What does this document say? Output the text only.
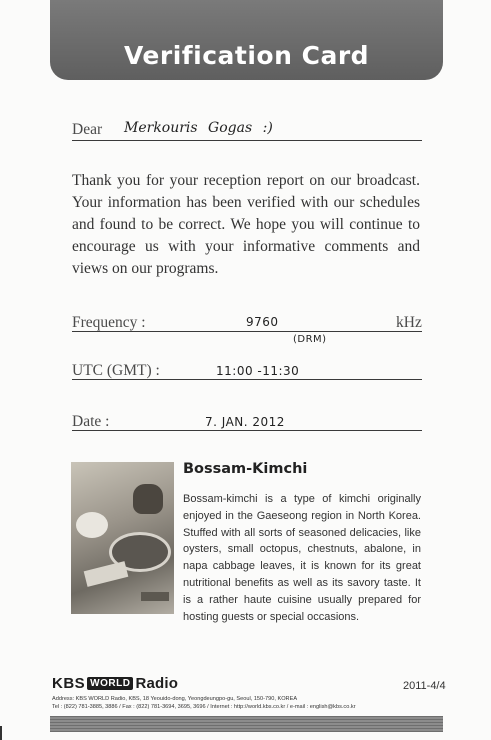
Verification Card
Dear Merkouris Gogas :)
Thank you for your reception report on our broadcast. Your information has been verified with our schedules and found to be correct. We hope you will continue to encourage us with your informative comments and views on our programs.
Frequency :	9760	kHz
(DRM)
UTC (GMT) :	11:00 -11:30
Date :	7. JAN. 2012
Bossam-Kimchi
Bossam-kimchi is a type of kimchi originally enjoyed in the Gaeseong region in North Korea. Stuffed with all sorts of seasoned delicacies, like oysters, small octopus, chestnuts, abalone, in napa cabbage leaves, it is known for its great nutritional benefits as well as its savory taste. It is a rather haute cuisine usually prepared for hosting guests or special occasions.
KBS WORLD Radio	2011-4/4
Address: KBS WORLD Radio, KBS, 18 Yeouido-dong, Yeongdeungpo-gu, Seoul, 150-790, KOREA
Tel : (822) 781-3885, 3886 / Fax : (822) 781-3694, 3695, 3696 / Internet : http://world.kbs.co.kr / e-mail : english@kbs.co.kr
